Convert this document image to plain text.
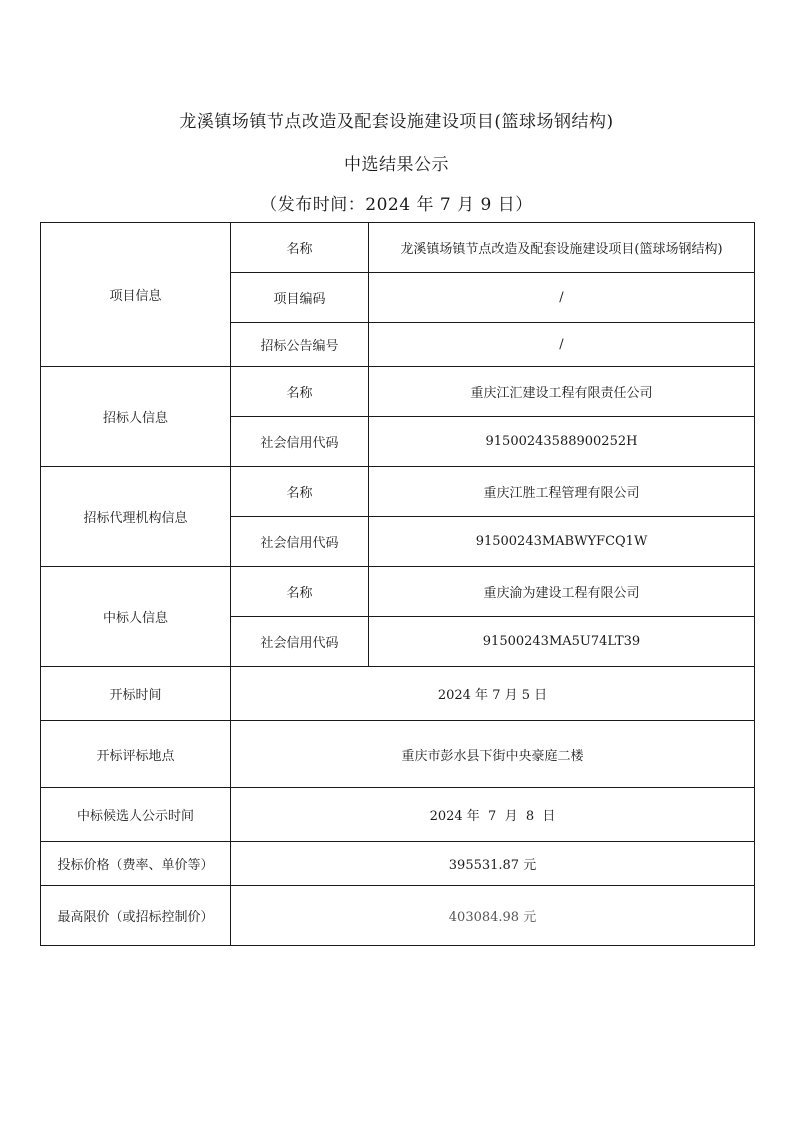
龙溪镇场镇节点改造及配套设施建设项目(篮球场钢结构)
中选结果公示
（发布时间：2024 年 7 月 9 日）
项目信息	名称	龙溪镇场镇节点改造及配套设施建设项目(篮球场钢结构)
	项目编码	/
	招标公告编号	/
招标人信息	名称	重庆江汇建设工程有限责任公司
	社会信用代码	91500243588900252H
招标代理机构信息	名称	重庆江胜工程管理有限公司
	社会信用代码	91500243MABWYFCQ1W
中标人信息	名称	重庆渝为建设工程有限公司
	社会信用代码	91500243MA5U74LT39
开标时间	2024 年 7 月 5 日	
开标评标地点	重庆市彭水县下街中央豪庭二楼	
中标候选人公示时间	2024 年  7  月  8  日	
投标价格（费率、单价等）	395531.87 元	
最高限价（或招标控制价）	403084.98 元	
